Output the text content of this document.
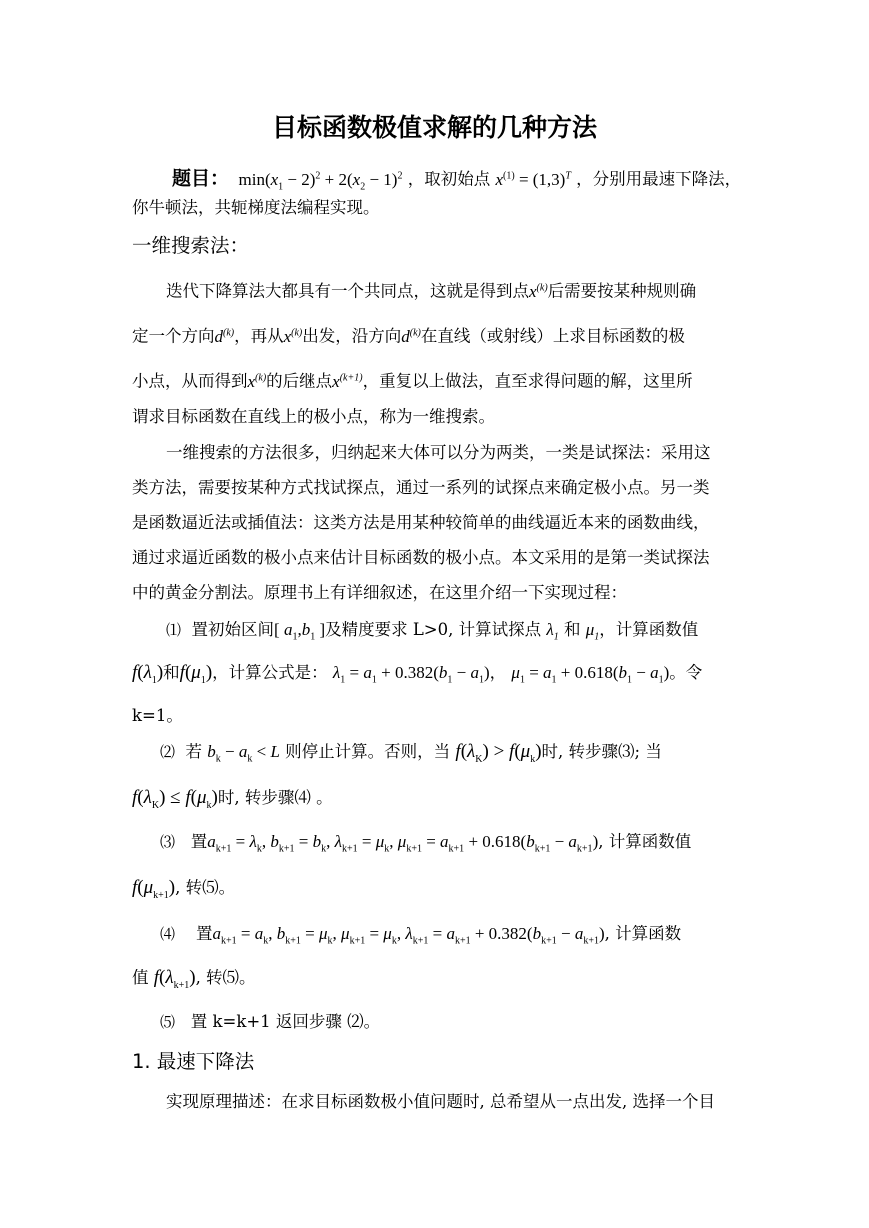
目标函数极值求解的几种方法
题目：  $\min(x_1 - 2)^2 + 2(x_2 - 1)^2$ ，取初始点 $x^{(1)} = (1,3)^T$ ，分别用最速下降法，
你牛顿法，共轭梯度法编程实现。
一维搜索法：
迭代下降算法大都具有一个共同点，这就是得到点$x^{(k)}$后需要按某种规则确
定一个方向$d^{(k)}$，再从$x^{(k)}$出发，沿方向$d^{(k)}$在直线（或射线）上求目标函数的极
小点，从而得到$x^{(k)}$的后继点$x^{(k+1)}$，重复以上做法，直至求得问题的解，这里所
谓求目标函数在直线上的极小点，称为一维搜索。
一维搜索的方法很多，归纳起来大体可以分为两类，一类是试探法：采用这
类方法，需要按某种方式找试探点，通过一系列的试探点来确定极小点。另一类
是函数逼近法或插值法：这类方法是用某种较简单的曲线逼近本来的函数曲线，
通过求逼近函数的极小点来估计目标函数的极小点。本文采用的是第一类试探法
中的黄金分割法。原理书上有详细叙述，在这里介绍一下实现过程：
⑴ 置初始区间[ $a_1,b_1$ ]及精度要求 L>0, 计算试探点 $\lambda_1$ 和 $\mu_1$，计算函数值
$f(\lambda_1)$和$f(\mu_1)$，计算公式是： $\lambda_1 = a_1 + 0.382(b_1 - a_1)$， $\mu_1 = a_1 + 0.618(b_1 - a_1)$。令
k=1。
⑵ 若 $b_k - a_k < L$ 则停止计算。否则，当 $f(\lambda_K) > f(\mu_k)$时, 转步骤⑶; 当
$f(\lambda_K) \le f(\mu_k)$时, 转步骤⑷ 。
⑶ 置$a_{k+1} = \lambda_k$, $b_{k+1} = b_k$, $\lambda_{k+1} = \mu_k$, $\mu_{k+1} = a_{k+1} + 0.618(b_{k+1} - a_{k+1})$, 计算函数值
$f(\mu_{k+1})$, 转⑸。
⑷ 置$a_{k+1} = a_k$, $b_{k+1} = \mu_k$, $\mu_{k+1} = \mu_k$, $\lambda_{k+1} = a_{k+1} + 0.382(b_{k+1} - a_{k+1})$, 计算函数
值 $f(\lambda_{k+1})$, 转⑸。
⑸ 置 k=k+1 返回步骤 ⑵。
1. 最速下降法
实现原理描述：在求目标函数极小值问题时, 总希望从一点出发, 选择一个目
